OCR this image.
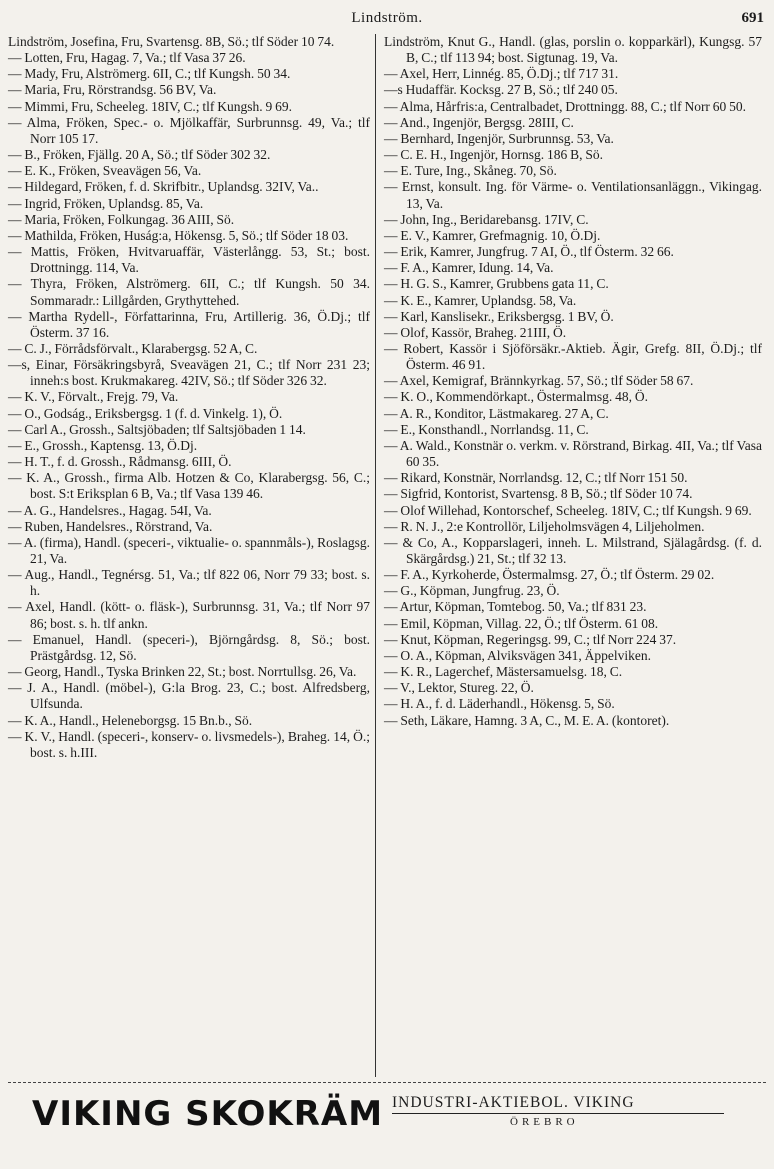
Lindström.	691

Lindström, Josefina, Fru, Svartensg. 8B, Sö.; tlf Söder 10 74.

— Lotten, Fru, Hagag. 7, Va.; tlf Vasa 37 26.

— Mady, Fru, Alströmerg. 6II, C.; tlf Kungsh. 50 34.

— Maria, Fru, Rörstrandsg. 56 BV, Va.

— Mimmi, Fru, Scheeleg. 18IV, C.; tlf Kungsh. 9 69.

— Alma, Fröken, Spec.- o. Mjölkaffär, Surbrunnsg. 49, Va.; tlf Norr 105 17.

— B., Fröken, Fjällg. 20 A, Sö.; tlf Söder 302 32.

— E. K., Fröken, Sveavägen 56, Va.

— Hildegard, Fröken, f. d. Skrifbitr., Uplandsg. 32IV, Va..

— Ingrid, Fröken, Uplandsg. 85, Va.

— Maria, Fröken, Folkungag. 36 AIII, Sö.

— Mathilda, Fröken, Huság:a, Hökensg. 5, Sö.; tlf Söder 18 03.

— Mattis, Fröken, Hvitvaruaffär, Västerlångg. 53, St.; bost. Drottningg. 114, Va.

— Thyra, Fröken, Alströmerg. 6II, C.; tlf Kungsh. 50 34. Sommaradr.: Lillgården, Grythyttehed.

— Martha Rydell-, Författarinna, Fru, Artillerig. 36, Ö.Dj.; tlf Österm. 37 16.

— C. J., Förrådsförvalt., Klarabergsg. 52 A, C.

—s, Einar, Försäkringsbyrå, Sveavägen 21, C.; tlf Norr 231 23; inneh:s bost. Krukmakareg. 42IV, Sö.; tlf Söder 326 32.

— K. V., Förvalt., Frejg. 79, Va.

— O., Godság., Eriksbergsg. 1 (f. d. Vinkelg. 1), Ö.

— Carl A., Grossh., Saltsjöbaden; tlf Saltsjöbaden 1 14.

— E., Grossh., Kaptensg. 13, Ö.Dj.

— H. T., f. d. Grossh., Rådmansg. 6III, Ö.

— K. A., Grossh., firma Alb. Hotzen & Co, Klarabergsg. 56, C.; bost. S:t Eriksplan 6 B, Va.; tlf Vasa 139 46.

— A. G., Handelsres., Hagag. 54I, Va.

— Ruben, Handelsres., Rörstrand, Va.

— A. (firma), Handl. (speceri-, viktualie- o. spannmåls-), Roslagsg. 21, Va.

— Aug., Handl., Tegnérsg. 51, Va.; tlf 822 06, Norr 79 33; bost. s. h.

— Axel, Handl. (kött- o. fläsk-), Surbrunnsg. 31, Va.; tlf Norr 97 86; bost. s. h. tlf ankn.

— Emanuel, Handl. (speceri-), Björngårdsg. 8, Sö.; bost. Prästgårdsg. 12, Sö.

— Georg, Handl., Tyska Brinken 22, St.; bost. Norrtullsg. 26, Va.

— J. A., Handl. (möbel-), G:la Brog. 23, C.; bost. Alfredsberg, Ulfsunda.

— K. A., Handl., Heleneborgsg. 15 Bn.b., Sö.

— K. V., Handl. (speceri-, konserv- o. livsmedels-), Braheg. 14, Ö.; bost. s. h.III.

Lindström, Knut G., Handl. (glas, porslin o. kopparkärl), Kungsg. 57 B, C.; tlf 113 94; bost. Sigtunag. 19, Va.

— Axel, Herr, Linnég. 85, Ö.Dj.; tlf 717 31.

—s Hudaffär. Kocksg. 27 B, Sö.; tlf 240 05.

— Alma, Hårfris:a, Centralbadet, Drottningg. 88, C.; tlf Norr 60 50.

— And., Ingenjör, Bergsg. 28III, C.

— Bernhard, Ingenjör, Surbrunnsg. 53, Va.

— C. E. H., Ingenjör, Hornsg. 186 B, Sö.

— E. Ture, Ing., Skåneg. 70, Sö.

— Ernst, konsult. Ing. för Värme- o. Ventilationsanläggn., Vikingag. 13, Va.

— John, Ing., Beridarebansg. 17IV, C.

— E. V., Kamrer, Grefmagnig. 10, Ö.Dj.

— Erik, Kamrer, Jungfrug. 7 AI, Ö., tlf Österm. 32 66.

— F. A., Kamrer, Idung. 14, Va.

— H. G. S., Kamrer, Grubbens gata 11, C.

— K. E., Kamrer, Uplandsg. 58, Va.

— Karl, Kanslisekr., Eriksbergsg. 1 BV, Ö.

— Olof, Kassör, Braheg. 21III, Ö.

— Robert, Kassör i Sjöförsäkr.-Aktieb. Ägir, Grefg. 8II, Ö.Dj.; tlf Österm. 46 91.

— Axel, Kemigraf, Brännkyrkag. 57, Sö.; tlf Söder 58 67.

— K. O., Kommendörkapt., Östermalmsg. 48, Ö.

— A. R., Konditor, Lästmakareg. 27 A, C.

— E., Konsthandl., Norrlandsg. 11, C.

— A. Wald., Konstnär o. verkm. v. Rörstrand, Birkag. 4II, Va.; tlf Vasa 60 35.

— Rikard, Konstnär, Norrlandsg. 12, C.; tlf Norr 151 50.

— Sigfrid, Kontorist, Svartensg. 8 B, Sö.; tlf Söder 10 74.

— Olof Willehad, Kontorschef, Scheeleg. 18IV, C.; tlf Kungsh. 9 69.

— R. N. J., 2:e Kontrollör, Liljeholmsvägen 4, Liljeholmen.

— & Co, A., Kopparslageri, inneh. L. Milstrand, Själagårdsg. (f. d. Skärgårdsg.) 21, St.; tlf 32 13.

— F. A., Kyrkoherde, Östermalmsg. 27, Ö.; tlf Österm. 29 02.

— G., Köpman, Jungfrug. 23, Ö.

— Artur, Köpman, Tomtebog. 50, Va.; tlf 831 23.

— Emil, Köpman, Villag. 22, Ö.; tlf Österm. 61 08.

— Knut, Köpman, Regeringsg. 99, C.; tlf Norr 224 37.

— O. A., Köpman, Alviksvägen 341, Äppelviken.

— K. R., Lagerchef, Mästersamuelsg. 18, C.

— V., Lektor, Stureg. 22, Ö.

— H. A., f. d. Läderhandl., Hökensg. 5, Sö.

— Seth, Läkare, Hamng. 3 A, C., M. E. A. (kontoret).

VIKING SKOKRÄM INDUSTRI-AKTIEBOL. VIKING
ÖREBRO
